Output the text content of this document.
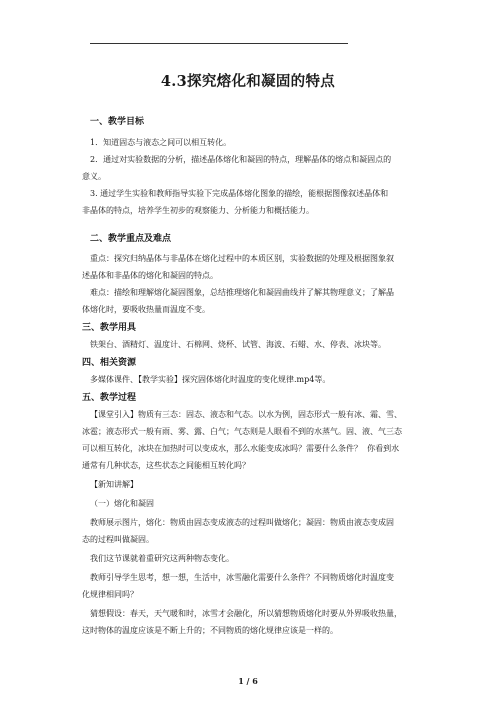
4.3探究熔化和凝固的特点
一、教学目标
1．知道固态与液态之间可以相互转化。
2．通过对实验数据的分析，描述晶体熔化和凝固的特点，理解晶体的熔点和凝固点的
意义。
3. 通过学生实验和教师指导实验下完成晶体熔化图象的描绘，能根据图像叙述晶体和
非晶体的特点，培养学生初步的观察能力、分析能力和概括能力。
二、教学重点及难点
重点：探究归纳晶体与非晶体在熔化过程中的本质区别，实验数据的处理及根据图象叙
述晶体和非晶体的熔化和凝固的特点。
难点：描绘和理解熔化凝固图象，总结推理熔化和凝固曲线并了解其物理意义；了解晶
体熔化时，要吸收热量而温度不变。
三、教学用具
铁架台、酒精灯、温度计、石棉网、烧杯、试管、海波、石蜡、水、停表、冰块等。
四、相关资源
多媒体课件、【教学实验】探究固体熔化时温度的变化规律.mp4等。
五、教学过程
【课堂引入】物质有三态：固态、液态和气态。以水为例，固态形式一般有冰、霜、雪、
冰雹；液态形式一般有雨、雾、露、白气；气态则是人眼看不到的水蒸气。固、液、气三态
可以相互转化，冰块在加热时可以变成水，那么水能变成冰吗？需要什么条件？  你看到水
通常有几种状态，这些状态之间能相互转化吗？
【新知讲解】
（一）熔化和凝固
教师展示图片，熔化：物质由固态变成液态的过程叫做熔化；凝固：物质由液态变成固
态的过程叫做凝固。
我们这节课就着重研究这两种物态变化。
教师引导学生思考，想一想，生活中，冰雪融化需要什么条件？不同物质熔化时温度变
化规律相同吗？
猜想假设：春天，天气暖和时，冰雪才会融化，所以猜想物质熔化时要从外界吸收热量，
这时物体的温度应该是不断上升的；不同物质的熔化规律应该是一样的。
1 / 6
